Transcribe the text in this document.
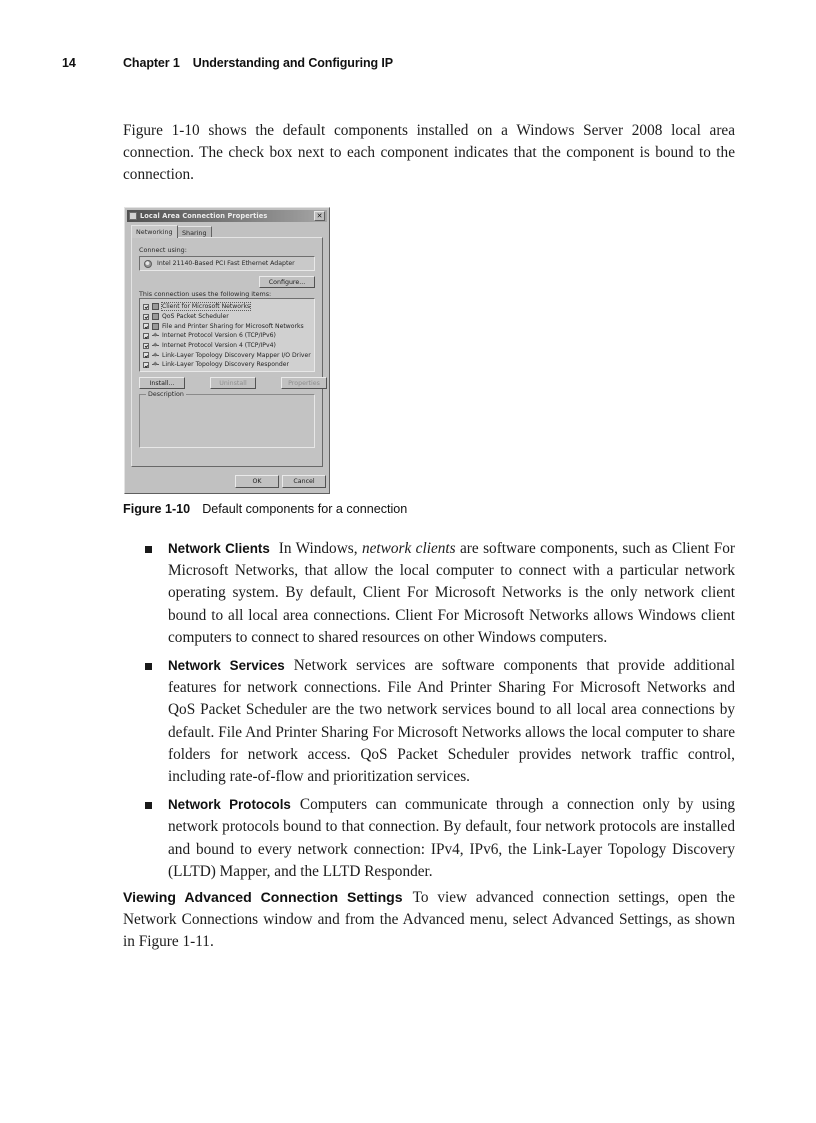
14	Chapter 1 Understanding and Configuring IP

Figure 1-10 shows the default components installed on a Windows Server 2008 local area connection. The check box next to each component indicates that the component is bound to the connection.

Local Area Connection Properties	✕
Networking	Sharing
Connect using:
Intel 21140-Based PCI Fast Ethernet Adapter
Configure...
This connection uses the following items:
Client for Microsoft Networks
QoS Packet Scheduler
File and Printer Sharing for Microsoft Networks
Internet Protocol Version 6 (TCP/IPv6)
Internet Protocol Version 4 (TCP/IPv4)
Link-Layer Topology Discovery Mapper I/O Driver
Link-Layer Topology Discovery Responder
Install...	Uninstall	Properties
Description
OK	Cancel
Figure 1-10 Default components for a connection

Network Clients In Windows, network clients are software components, such as Client For Microsoft Networks, that allow the local computer to connect with a particular network operating system. By default, Client For Microsoft Networks is the only network client bound to all local area connections. Client For Microsoft Networks allows Windows client computers to connect to shared resources on other Windows computers.

Network Services Network services are software components that provide additional features for network connections. File And Printer Sharing For Microsoft Networks and QoS Packet Scheduler are the two network services bound to all local area connections by default. File And Printer Sharing For Microsoft Networks allows the local computer to share folders for network access. QoS Packet Scheduler provides network traffic control, including rate-of-flow and prioritization services.

Network Protocols Computers can communicate through a connection only by using network protocols bound to that connection. By default, four network protocols are installed and bound to every network connection: IPv4, IPv6, the Link-Layer Topology Discovery (LLTD) Mapper, and the LLTD Responder.

Viewing Advanced Connection Settings To view advanced connection settings, open the Network Connections window and from the Advanced menu, select Advanced Settings, as shown in Figure 1-11.
